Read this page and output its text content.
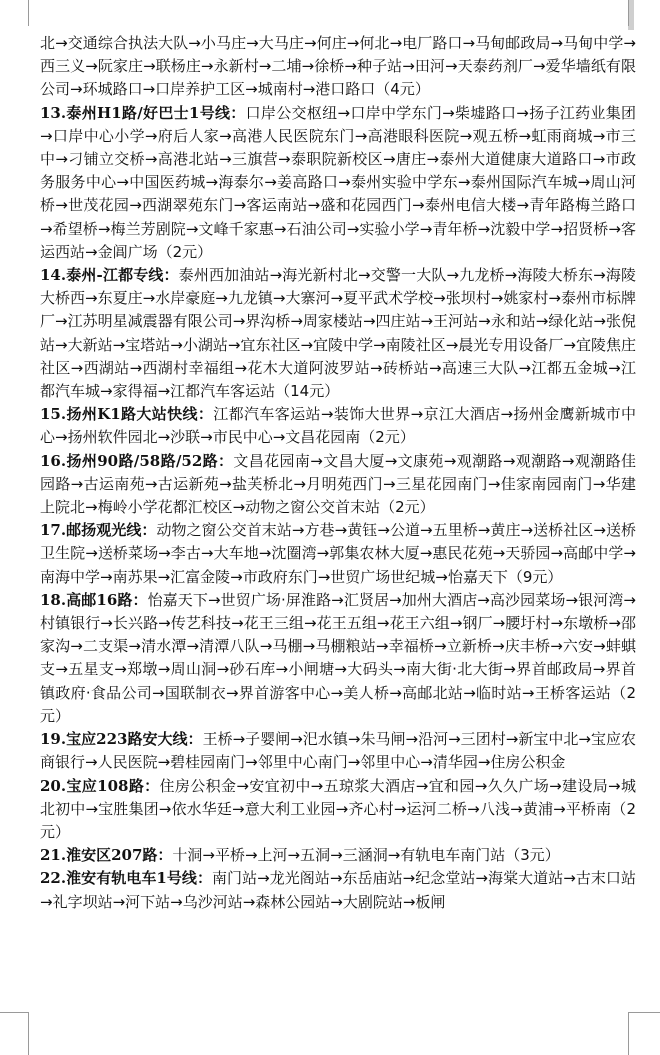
北→交通综合执法大队→小马庄→大马庄→何庄→何北→电厂路口→马甸邮政局→马甸中学→西三义→阮家庄→联杨庄→永新村→二埔→徐桥→种子站→田河→天泰药剂厂→爱华墙纸有限公司→环城路口→口岸养护工区→城南村→港口路口（4元）

13.泰州H1路/好巴士1号线：口岸公交枢纽→口岸中学东门→柴墟路口→扬子江药业集团→口岸中心小学→府后人家→高港人民医院东门→高港眼科医院→观五桥→虹雨商城→市三中→刁铺立交桥→高港北站→三旗营→泰职院新校区→唐庄→泰州大道健康大道路口→市政务服务中心→中国医药城→海泰尔→姜高路口→泰州实验中学东→泰州国际汽车城→周山河桥→世茂花园→西湖翠苑东门→客运南站→盛和花园西门→泰州电信大楼→青年路梅兰路口→希望桥→梅兰芳剧院→文峰千家惠→石油公司→实验小学→青年桥→沈毅中学→招贤桥→客运西站→金阊广场（2元）

14.泰州-江都专线：泰州西加油站→海光新村北→交警一大队→九龙桥→海陵大桥东→海陵大桥西→东夏庄→水岸豪庭→九龙镇→大寨河→夏平武术学校→张坝村→姚家村→泰州市标牌厂→江苏明星减震器有限公司→界沟桥→周家楼站→四庄站→王河站→永和站→绿化站→张倪站→大新站→宝塔站→小湖站→宜东社区→宜陵中学→南陵社区→晨光专用设备厂→宜陵焦庄社区→西湖站→西湖村幸福组→花木大道阿波罗站→砖桥站→高速三大队→江都五金城→江都汽车城→家得福→江都汽车客运站（14元）

15.扬州K1路大站快线：江都汽车客运站→装饰大世界→京江大酒店→扬州金鹰新城市中心→扬州软件园北→沙联→市民中心→文昌花园南（2元）

16.扬州90路/58路/52路：文昌花园南→文昌大厦→文康苑→观潮路→观潮路→观潮路佳园路→古运南苑→古运新苑→盐芙桥北→月明苑西门→三星花园南门→佳家南园南门→华建上院北→梅岭小学花都汇校区→动物之窗公交首末站（2元）

17.邮扬观光线：动物之窗公交首末站→方巷→黄钰→公道→五里桥→黄庄→送桥社区→送桥卫生院→送桥菜场→李古→大车地→沈圈湾→郭集农林大厦→惠民花苑→天骄园→高邮中学→南海中学→南苏果→汇富金陵→市政府东门→世贸广场世纪城→怡嘉天下（9元）

18.高邮16路：怡嘉天下→世贸广场·屏淮路→汇贤居→加州大酒店→高沙园菜场→银河湾→村镇银行→长兴路→传艺科技→花王三组→花王五组→花王六组→钢厂→腰圩村→东墩桥→邵家沟→二支渠→清水潭→清潭八队→马棚→马棚粮站→幸福桥→立新桥→庆丰桥→六安→蚌蜞支→五星支→郑墩→周山洞→砂石库→小闸塘→大码头→南大街·北大街→界首邮政局→界首镇政府·食品公司→国联制衣→界首游客中心→美人桥→高邮北站→临时站→王桥客运站（2元）

19.宝应223路安大线：王桥→子婴闸→汜水镇→朱马闸→沿河→三团村→新宝中北→宝应农商银行→人民医院→碧桂园南门→邻里中心南门→邻里中心→清华园→住房公积金

20.宝应108路：住房公积金→安宜初中→五琼浆大酒店→宜和园→久久广场→建设局→城北初中→宝胜集团→依水华廷→意大利工业园→齐心村→运河二桥→八浅→黄浦→平桥南（2元）

21.淮安区207路：十洞→平桥→上河→五洞→三涵洞→有轨电车南门站（3元）

22.淮安有轨电车1号线：南门站→龙光阁站→东岳庙站→纪念堂站→海棠大道站→古末口站→礼字坝站→河下站→乌沙河站→森林公园站→大剧院站→板闸
